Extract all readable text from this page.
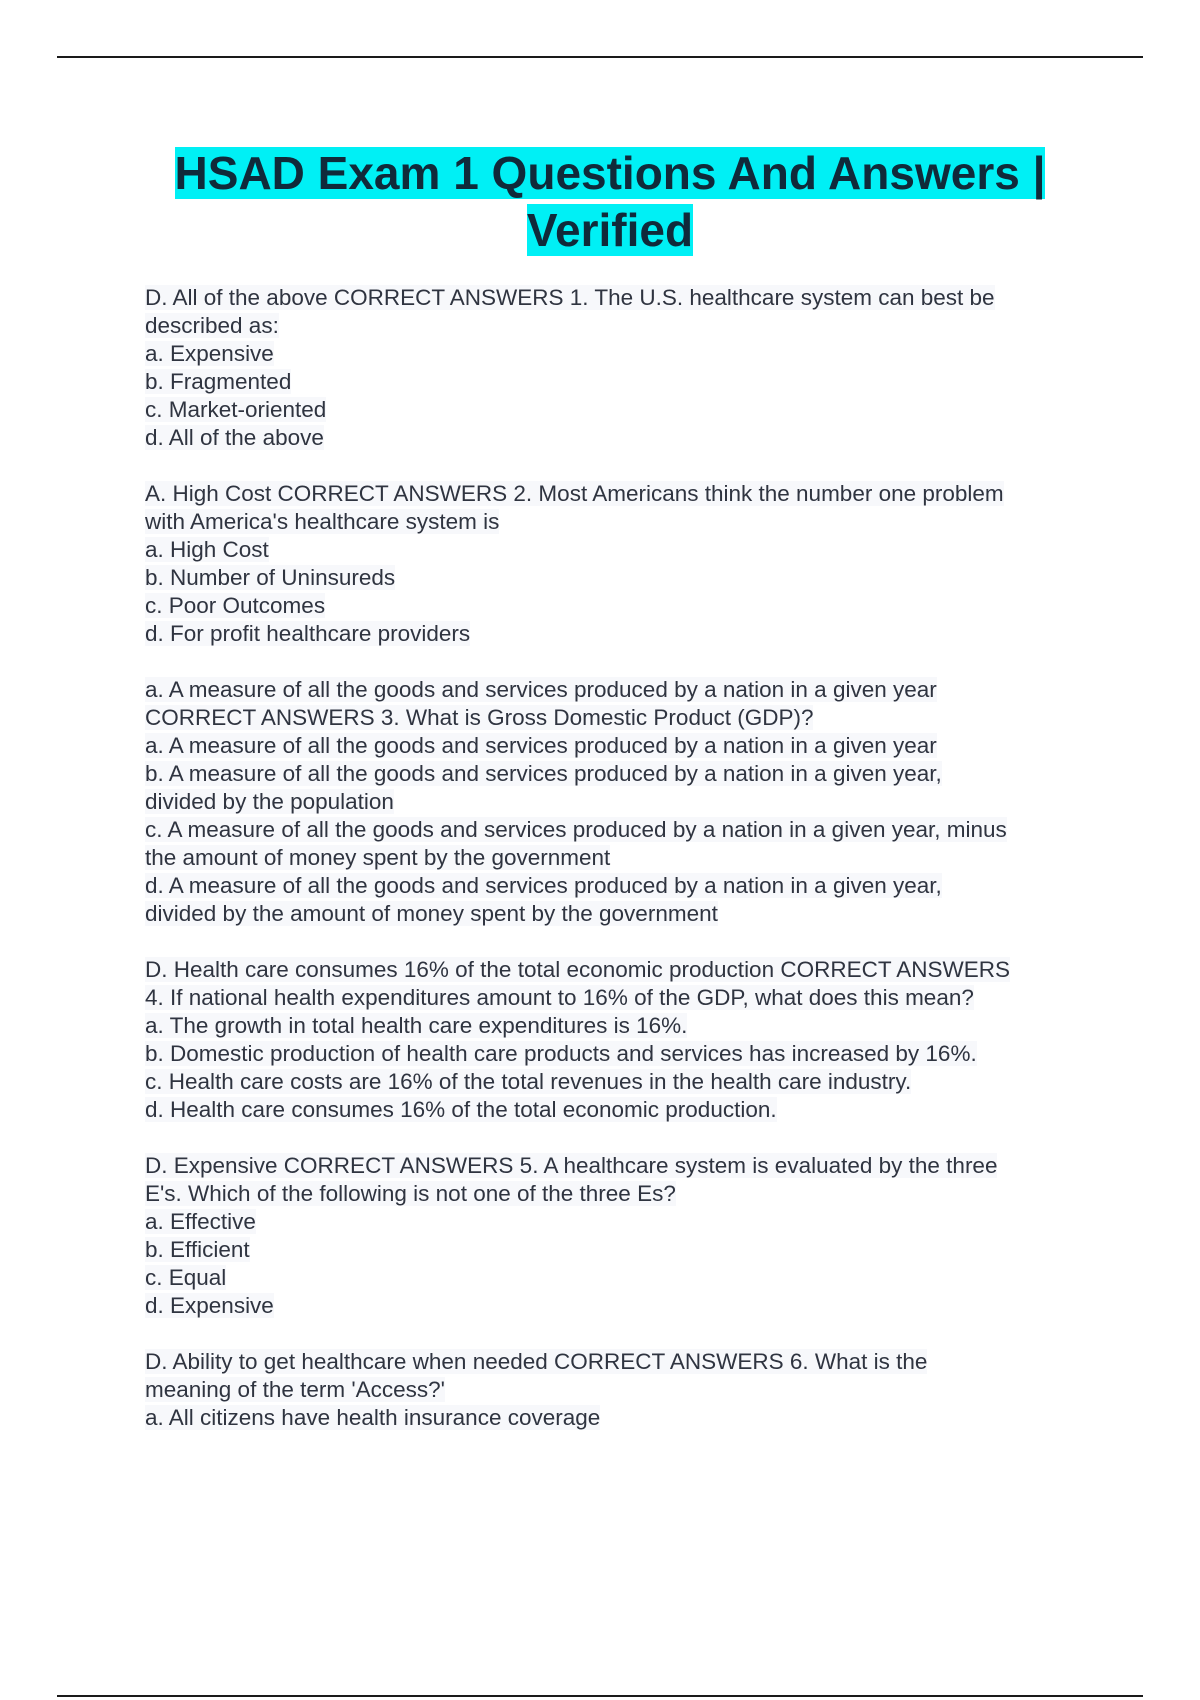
HSAD Exam 1 Questions And Answers |
Verified
D. All of the above CORRECT ANSWERS 1. The U.S. healthcare system can best be
described as:
a. Expensive
b. Fragmented
c. Market-oriented
d. All of the above
A. High Cost CORRECT ANSWERS 2. Most Americans think the number one problem
with America's healthcare system is
a. High Cost
b. Number of Uninsureds
c. Poor Outcomes
d. For profit healthcare providers
a. A measure of all the goods and services produced by a nation in a given year
CORRECT ANSWERS 3. What is Gross Domestic Product (GDP)?
a. A measure of all the goods and services produced by a nation in a given year
b. A measure of all the goods and services produced by a nation in a given year,
divided by the population
c. A measure of all the goods and services produced by a nation in a given year, minus
the amount of money spent by the government
d. A measure of all the goods and services produced by a nation in a given year,
divided by the amount of money spent by the government
D. Health care consumes 16% of the total economic production CORRECT ANSWERS
4. If national health expenditures amount to 16% of the GDP, what does this mean?
a. The growth in total health care expenditures is 16%.
b. Domestic production of health care products and services has increased by 16%.
c. Health care costs are 16% of the total revenues in the health care industry.
d. Health care consumes 16% of the total economic production.
D. Expensive CORRECT ANSWERS 5. A healthcare system is evaluated by the three
E's. Which of the following is not one of the three Es?
a. Effective
b. Efficient
c. Equal
d. Expensive
D. Ability to get healthcare when needed CORRECT ANSWERS 6. What is the
meaning of the term 'Access?'
a. All citizens have health insurance coverage
